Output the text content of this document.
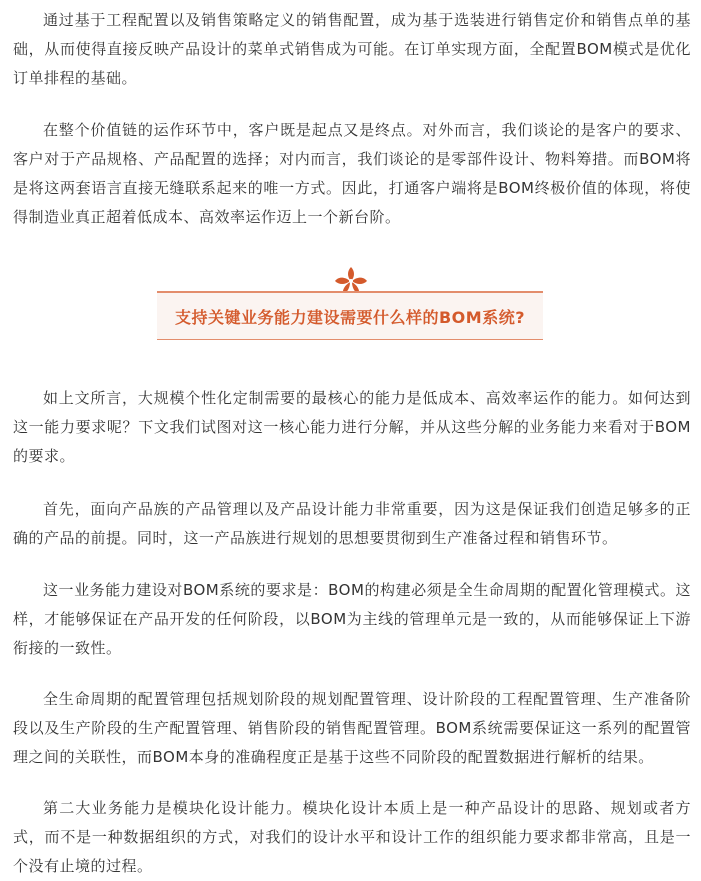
通过基于工程配置以及销售策略定义的销售配置，成为基于选装进行销售定价和销售点单的基础，从而使得直接反映产品设计的菜单式销售成为可能。在订单实现方面，全配置BOM模式是优化订单排程的基础。

在整个价值链的运作环节中，客户既是起点又是终点。对外而言，我们谈论的是客户的要求、客户对于产品规格、产品配置的选择；对内而言，我们谈论的是零部件设计、物料筹措。而BOM将是将这两套语言直接无缝联系起来的唯一方式。因此，打通客户端将是BOM终极价值的体现，将使得制造业真正超着低成本、高效率运作迈上一个新台阶。

支持关键业务能力建设需要什么样的BOM系统?

如上文所言，大规模个性化定制需要的最核心的能力是低成本、高效率运作的能力。如何达到这一能力要求呢？下文我们试图对这一核心能力进行分解，并从这些分解的业务能力来看对于BOM的要求。

首先，面向产品族的产品管理以及产品设计能力非常重要，因为这是保证我们创造足够多的正确的产品的前提。同时，这一产品族进行规划的思想要贯彻到生产准备过程和销售环节。

这一业务能力建设对BOM系统的要求是：BOM的构建必须是全生命周期的配置化管理模式。这样，才能够保证在产品开发的任何阶段，以BOM为主线的管理单元是一致的，从而能够保证上下游衔接的一致性。

全生命周期的配置管理包括规划阶段的规划配置管理、设计阶段的工程配置管理、生产准备阶段以及生产阶段的生产配置管理、销售阶段的销售配置管理。BOM系统需要保证这一系列的配置管理之间的关联性，而BOM本身的准确程度正是基于这些不同阶段的配置数据进行解析的结果。

第二大业务能力是模块化设计能力。模块化设计本质上是一种产品设计的思路、规划或者方式，而不是一种数据组织的方式，对我们的设计水平和设计工作的组织能力要求都非常高，且是一个没有止境的过程。
